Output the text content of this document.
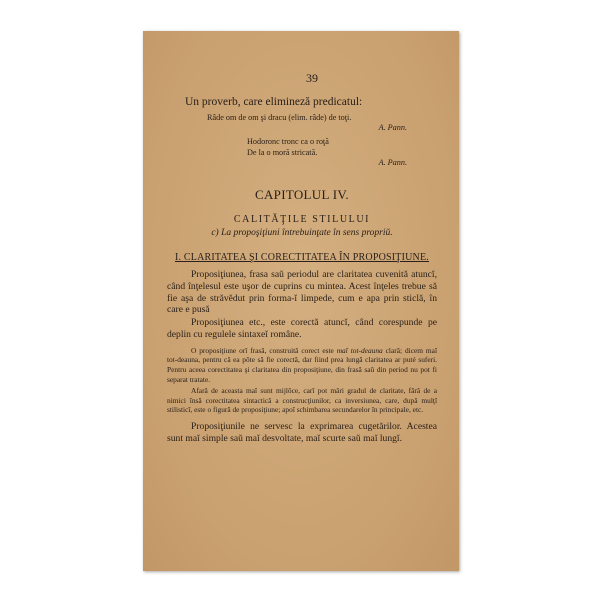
39
Un proverb, care elimineză predicatul:
Râde om de om şi dracu (elim. râde) de toţi.
A. Pann.
Hodoronc tronc ca o roţă
De la o moră stricată.
A. Pann.
CAPITOLUL IV.
CALITĂŢILE STILULUI
c) La propoşiţiuni întrebuinţate în sens propriŭ.
I. CLARITATEA ŞI CORECTITATEA ÎN PROPOSIŢIUNE.
Proposiţiunea, frasa saŭ periodul are claritatea cuvenită atuncĭ, când înţelesul este uşor de cuprins cu mintea. Acest înţeles trebue să fie aşa de străvĕdut prin forma-ĭ limpede, cum e apa prin sticlă, în care e pusă
Proposiţiunea etc., este corectă atuncĭ, când corespunde pe deplin cu regulele sintaxeĭ române.
O proposiţiune orĭ frasă, construită corect este maĭ tot-deauna clară; dicem maĭ tot-deauna, pentru că ea pôte să fie corectă, dar fiind prea lungă claritatea ar puté suferi. Pentru aceea corectitatea şi claritatea din proposiţiune, din frasă saŭ din period nu pot fi separat tratate.
Afară de aceasta maĭ sunt mijlôce, carĭ pot mări gradul de claritate, fără de a nimici însă corectitatea sintactică a construcţiunilor, ca inversiunea, care, după mulţĭ stilisticĭ, este o figură de proposiţiune; apoĭ schimbarea secundarelor în principale, etc.
Proposiţiunile ne servesc la exprimarea cugetărilor. Acestea sunt maĭ simple saŭ maĭ desvoltate, maĭ scurte saŭ maĭ lungĭ.
